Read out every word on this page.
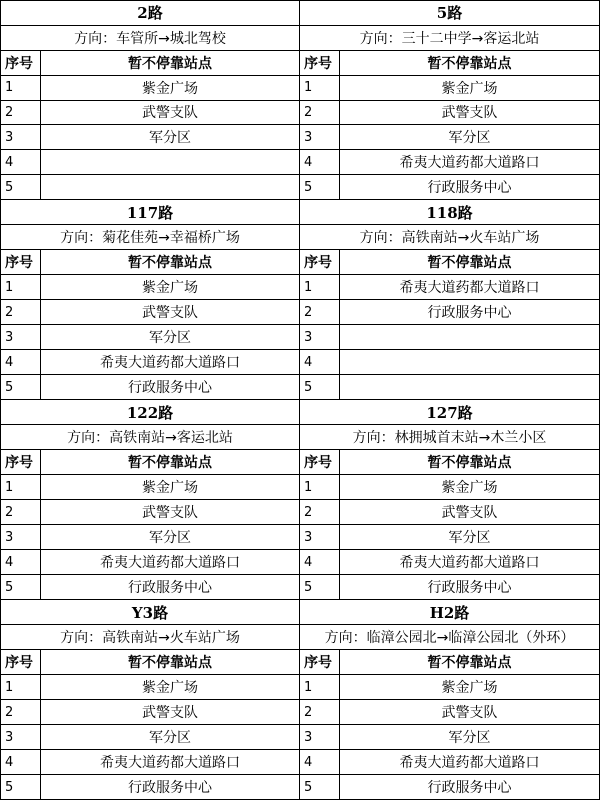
2路
方向：车管所→城北驾校
序号	暂不停靠站点
1	紫金广场
2	武警支队
3	军分区
4
5
5路
方向：三十二中学→客运北站
序号	暂不停靠站点
1	紫金广场
2	武警支队
3	军分区
4	希夷大道药都大道路口
5	行政服务中心
117路
方向：菊花佳苑→幸福桥广场
序号	暂不停靠站点
1	紫金广场
2	武警支队
3	军分区
4	希夷大道药都大道路口
5	行政服务中心
118路
方向：高铁南站→火车站广场
序号	暂不停靠站点
1	希夷大道药都大道路口
2	行政服务中心
3
4
5
122路
方向：高铁南站→客运北站
序号	暂不停靠站点
1	紫金广场
2	武警支队
3	军分区
4	希夷大道药都大道路口
5	行政服务中心
127路
方向：林拥城首末站→木兰小区
序号	暂不停靠站点
1	紫金广场
2	武警支队
3	军分区
4	希夷大道药都大道路口
5	行政服务中心
Y3路
方向：高铁南站→火车站广场
序号	暂不停靠站点
1	紫金广场
2	武警支队
3	军分区
4	希夷大道药都大道路口
5	行政服务中心
H2路
方向：临漳公园北→临漳公园北（外环）
序号	暂不停靠站点
1	紫金广场
2	武警支队
3	军分区
4	希夷大道药都大道路口
5	行政服务中心
